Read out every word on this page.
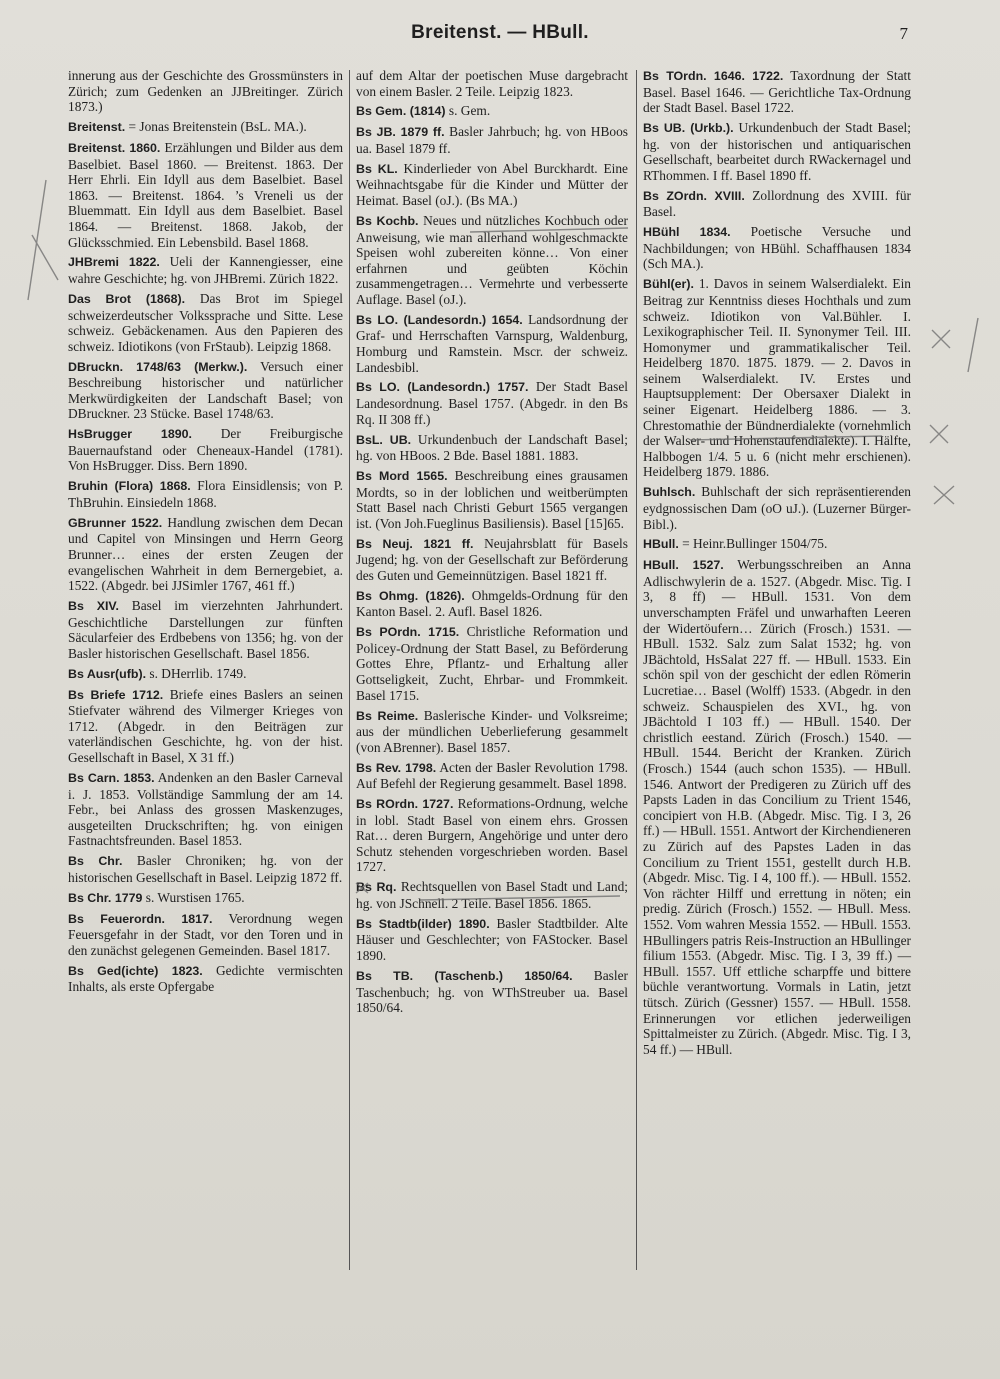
Breitenst. — HBull.	7

innerung aus der Geschichte des Grossmünsters in Zürich; zum Gedenken an JJBreitinger. Zürich 1873.)

Breitenst. = Jonas Breitenstein (BsL. MA.).

Breitenst. 1860. Erzählungen und Bilder aus dem Baselbiet. Basel 1860. — Breitenst. 1863. Der Herr Ehrli. Ein Idyll aus dem Baselbiet. Basel 1863. — Breitenst. 1864. ’s Vreneli us der Bluemmatt. Ein Idyll aus dem Baselbiet. Basel 1864. — Breitenst. 1868. Jakob, der Glücksschmied. Ein Lebensbild. Basel 1868.

JHBremi 1822. Ueli der Kannengiesser, eine wahre Geschichte; hg. von JHBremi. Zürich 1822.

Das Brot (1868). Das Brot im Spiegel schweizerdeutscher Volkssprache und Sitte. Lese schweiz. Gebäckenamen. Aus den Papieren des schweiz. Idiotikons (von FrStaub). Leipzig 1868.

DBruckn. 1748/63 (Merkw.). Versuch einer Beschreibung historischer und natürlicher Merkwürdigkeiten der Landschaft Basel; von DBruckner. 23 Stücke. Basel 1748/63.

HsBrugger 1890. Der Freiburgische Bauernaufstand oder Cheneaux-Handel (1781). Von HsBrugger. Diss. Bern 1890.

Bruhin (Flora) 1868. Flora Einsidlensis; von P. ThBruhin. Einsiedeln 1868.

GBrunner 1522. Handlung zwischen dem Decan und Capitel von Minsingen und Herrn Georg Brunner… eines der ersten Zeugen der evangelischen Wahrheit in dem Bernergebiet, a. 1522. (Abgedr. bei JJSimler 1767, 461 ff.)

Bs XIV. Basel im vierzehnten Jahrhundert. Geschichtliche Darstellungen zur fünften Säcularfeier des Erdbebens von 1356; hg. von der Basler historischen Gesellschaft. Basel 1856.

Bs Ausr(ufb). s. DHerrlib. 1749.

Bs Briefe 1712. Briefe eines Baslers an seinen Stiefvater während des Vilmerger Krieges von 1712. (Abgedr. in den Beiträgen zur vaterländischen Geschichte, hg. von der hist. Gesellschaft in Basel, X 31 ff.)

Bs Carn. 1853. Andenken an den Basler Carneval i. J. 1853. Vollständige Sammlung der am 14. Febr., bei Anlass des grossen Maskenzuges, ausgeteilten Druckschriften; hg. von einigen Fastnachtsfreunden. Basel 1853.

Bs Chr. Basler Chroniken; hg. von der historischen Gesellschaft in Basel. Leipzig 1872 ff.

Bs Chr. 1779 s. Wurstisen 1765.

Bs Feuerordn. 1817. Verordnung wegen Feuersgefahr in der Stadt, vor den Toren und in den zunächst gelegenen Gemeinden. Basel 1817.

Bs Ged(ichte) 1823. Gedichte vermischten Inhalts, als erste Opfergabe

auf dem Altar der poetischen Muse dargebracht von einem Basler. 2 Teile. Leipzig 1823.

Bs Gem. (1814) s. Gem.

Bs JB. 1879 ff. Basler Jahrbuch; hg. von HBoos ua. Basel 1879 ff.

Bs KL. Kinderlieder von Abel Burckhardt. Eine Weihnachtsgabe für die Kinder und Mütter der Heimat. Basel (oJ.). (Bs MA.)

Bs Kochb. Neues und nützliches Kochbuch oder Anweisung, wie man allerhand wohlgeschmackte Speisen wohl zubereiten könne… Von einer erfahrnen und geübten Köchin zusammengetragen… Vermehrte und verbesserte Auflage. Basel (oJ.).

Bs LO. (Landesordn.) 1654. Landsordnung der Graf- und Herrschaften Varnspurg, Waldenburg, Homburg und Ramstein. Mscr. der schweiz. Landesbibl.

Bs LO. (Landesordn.) 1757. Der Stadt Basel Landesordnung. Basel 1757. (Abgedr. in den Bs Rq. II 308 ff.)

BsL. UB. Urkundenbuch der Landschaft Basel; hg. von HBoos. 2 Bde. Basel 1881. 1883.

Bs Mord 1565. Beschreibung eines grausamen Mordts, so in der loblichen und weitberümpten Statt Basel nach Christi Geburt 1565 vergangen ist. (Von Joh.Fueglinus Basiliensis). Basel [15]65.

Bs Neuj. 1821 ff. Neujahrsblatt für Basels Jugend; hg. von der Gesellschaft zur Beförderung des Guten und Gemeinnützigen. Basel 1821 ff.

Bs Ohmg. (1826). Ohmgelds-Ordnung für den Kanton Basel. 2. Aufl. Basel 1826.

Bs POrdn. 1715. Christliche Reformation und Policey-Ordnung der Statt Basel, zu Beförderung Gottes Ehre, Pflantz- und Erhaltung aller Gottseligkeit, Zucht, Ehrbar- und Frommkeit. Basel 1715.

Bs Reime. Baslerische Kinder- und Volksreime; aus der mündlichen Ueberlieferung gesammelt (von ABrenner). Basel 1857.

Bs Rev. 1798. Acten der Basler Revolution 1798. Auf Befehl der Regierung gesammelt. Basel 1898.

Bs ROrdn. 1727. Reformations-Ordnung, welche in lobl. Stadt Basel von einem ehrs. Grossen Rat… deren Burgern, Angehörige und unter dero Schutz stehenden vorgeschrieben worden. Basel 1727.

Bs Rq. Rechtsquellen von Basel Stadt und Land; hg. von JSchnell. 2 Teile. Basel 1856. 1865.

Bs Stadtb(ilder) 1890. Basler Stadtbilder. Alte Häuser und Geschlechter; von FAStocker. Basel 1890.

Bs TB. (Taschenb.) 1850/64. Basler Taschenbuch; hg. von WThStreuber ua. Basel 1850/64.

Bs TOrdn. 1646. 1722. Taxordnung der Statt Basel. Basel 1646. — Gerichtliche Tax-Ordnung der Stadt Basel. Basel 1722.

Bs UB. (Urkb.). Urkundenbuch der Stadt Basel; hg. von der historischen und antiquarischen Gesellschaft, bearbeitet durch RWackernagel und RThommen. I ff. Basel 1890 ff.

Bs ZOrdn. XVIII. Zollordnung des XVIII. für Basel.

HBühl 1834. Poetische Versuche und Nachbildungen; von HBühl. Schaffhausen 1834 (Sch MA.).

Bühl(er). 1. Davos in seinem Walserdialekt. Ein Beitrag zur Kenntniss dieses Hochthals und zum schweiz. Idiotikon von Val.Bühler. I. Lexikographischer Teil. II. Synonymer Teil. III. Homonymer und grammatikalischer Teil. Heidelberg 1870. 1875. 1879. — 2. Davos in seinem Walserdialekt. IV. Erstes und Hauptsupplement: Der Obersaxer Dialekt in seiner Eigenart. Heidelberg 1886. — 3. Chrestomathie der Bündnerdialekte (vornehmlich der Walser- und Hohenstaufendialekte). I. Hälfte, Halbbogen 1/4. 5 u. 6 (nicht mehr erschienen). Heidelberg 1879. 1886.

Buhlsch. Buhlschaft der sich repräsentierenden eydgnossischen Dam (oO uJ.). (Luzerner Bürger-Bibl.).

HBull. = Heinr.Bullinger 1504/75.

HBull. 1527. Werbungsschreiben an Anna Adlischwylerin de a. 1527. (Abgedr. Misc. Tig. I 3, 8 ff) — HBull. 1531. Von dem unverschampten Fräfel und unwarhaften Leeren der Widertöufern… Zürich (Frosch.) 1531. — HBull. 1532. Salz zum Salat 1532; hg. von JBächtold, HsSalat 227 ff. — HBull. 1533. Ein schön spil von der geschicht der edlen Römerin Lucretiae… Basel (Wolff) 1533. (Abgedr. in den schweiz. Schauspielen des XVI., hg. von JBächtold I 103 ff.) — HBull. 1540. Der christlich eestand. Zürich (Frosch.) 1540. — HBull. 1544. Bericht der Kranken. Zürich (Frosch.) 1544 (auch schon 1535). — HBull. 1546. Antwort der Predigeren zu Zürich uff des Papsts Laden in das Concilium zu Trient 1546, concipiert von H.B. (Abgedr. Misc. Tig. I 3, 26 ff.) — HBull. 1551. Antwort der Kirchendieneren zu Zürich auf des Papstes Laden in das Concilium zu Trient 1551, gestellt durch H.B. (Abgedr. Misc. Tig. I 4, 100 ff.). — HBull. 1552. Von rächter Hilff und errettung in nöten; ein predig. Zürich (Frosch.) 1552. — HBull. Mess. 1552. Vom wahren Messia 1552. — HBull. 1553. HBullingers patris Reis-Instruction an HBullinger filium 1553. (Abgedr. Misc. Tig. I 3, 39 ff.) — HBull. 1557. Uff ettliche scharpffe und bittere büchle verantwortung. Vormals in Latin, jetzt tütsch. Zürich (Gessner) 1557. — HBull. 1558. Erinnerungen vor etlichen jederweiligen Spittalmeister zu Zürich. (Abgedr. Misc. Tig. I 3, 54 ff.) — HBull.
